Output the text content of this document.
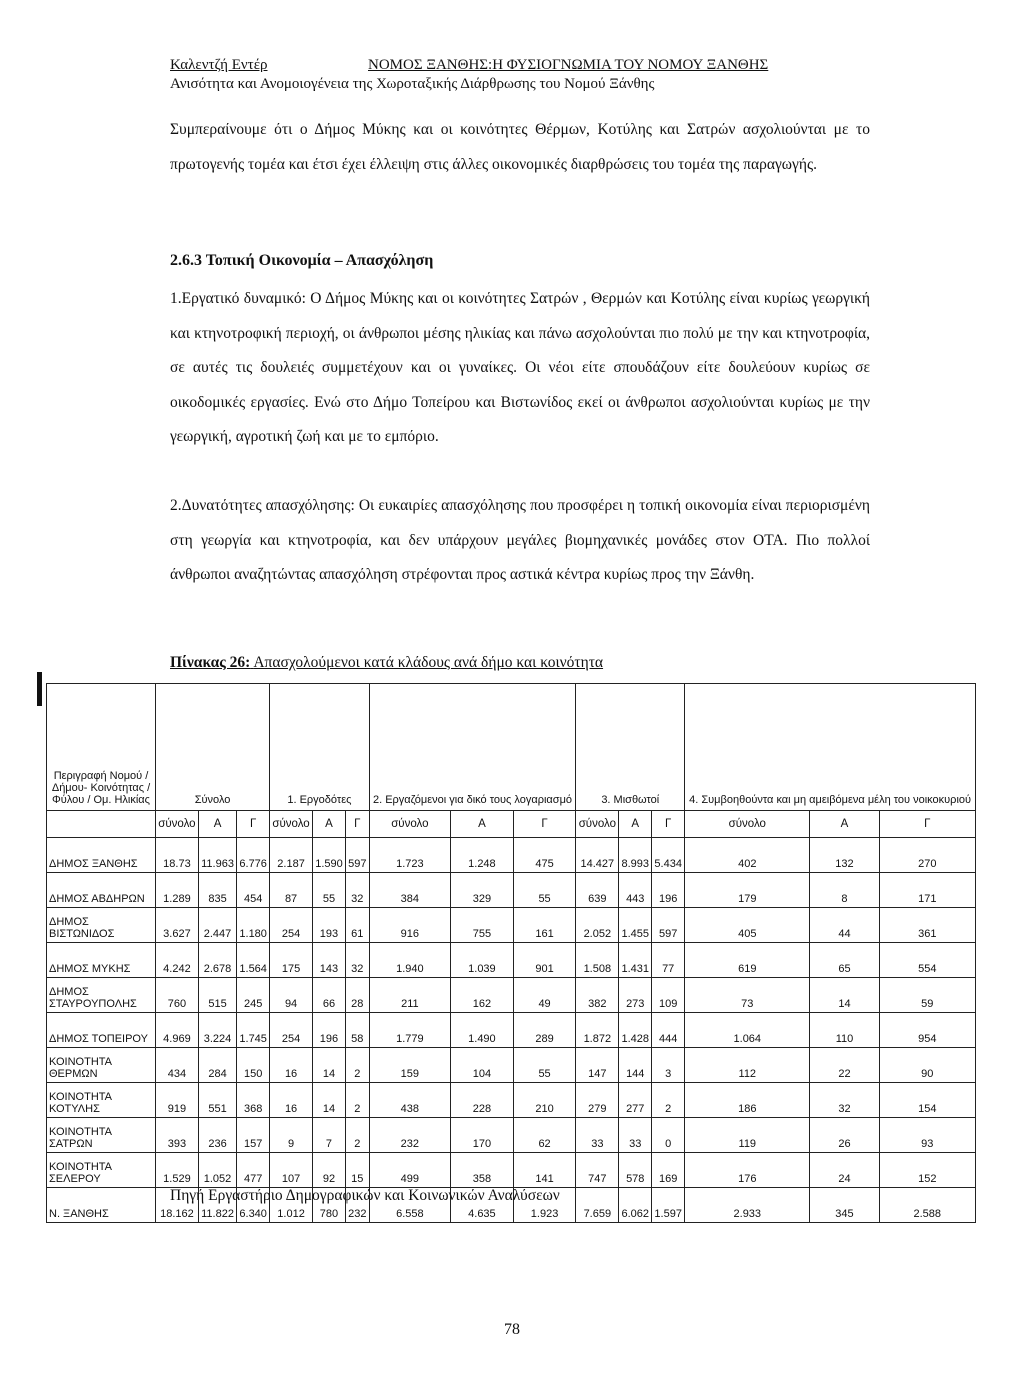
Καλεντζή Εντέρ	ΝΟΜΟΣ ΞΑΝΘΗΣ:Η ΦΥΣΙΟΓΝΩΜΙΑ ΤΟΥ ΝΟΜΟΥ ΞΑΝΘΗΣ
Ανισότητα και Ανομοιογένεια της Χωροταξικής Διάρθρωσης του Νομού Ξάνθης

Συμπεραίνουμε ότι ο Δήμος Μύκης και οι κοινότητες Θέρμων, Κοτύλης και Σατρών ασχολιούνται με το πρωτογενής τομέα και έτσι έχει έλλειψη στις άλλες οικονομικές διαρθρώσεις του τομέα της παραγωγής.

2.6.3 Τοπική Οικονομία – Απασχόληση

1.Εργατικό δυναμικό: Ο Δήμος Μύκης και οι κοινότητες Σατρών , Θερμών και Κοτύλης είναι κυρίως γεωργική και κτηνοτροφική περιοχή, οι άνθρωποι μέσης ηλικίας και πάνω ασχολούνται πιο πολύ με την και κτηνοτροφία, σε αυτές τις δουλειές συμμετέχουν και οι γυναίκες. Οι νέοι είτε σπουδάζουν είτε δουλεύουν κυρίως σε οικοδομικές εργασίες. Ενώ στο Δήμο Τοπείρου και Βιστωνίδος εκεί οι άνθρωποι ασχολιούνται κυρίως με την γεωργική, αγροτική ζωή και με το εμπόριο.

2.Δυνατότητες απασχόλησης: Οι ευκαιρίες απασχόλησης που προσφέρει η τοπική οικονομία είναι περιορισμένη στη γεωργία και κτηνοτροφία, και δεν υπάρχουν μεγάλες βιομηχανικές μονάδες στον ΟΤΑ. Πιο πολλοί άνθρωποι αναζητώντας απασχόληση στρέφονται προς αστικά κέντρα κυρίως προς την Ξάνθη.

Πίνακας 26: Απασχολούμενοι κατά κλάδους ανά δήμο και κοινότητα
Περιγραφή Νομού / Δήμου- Κοινότητας / Φύλου / Ομ. Ηλικίας	Σύνολο			1. Εργοδότες			2. Εργαζόμενοι για δικό τους λογαριασμό			3. Μισθωτοί			4. Συμβοηθούντα και μη αμειβόμενα μέλη του νοικοκυριού		
	σύνολο	Α	Γ	σύνολο	Α	Γ	σύνολο	Α	Γ	σύνολο	Α	Γ	σύνολο	Α	Γ
ΔΗΜΟΣ ΞΑΝΘΗΣ	18.73	11.963	6.776	2.187	1.590	597	1.723	1.248	475	14.427	8.993	5.434	402	132	270
ΔΗΜΟΣ ΑΒΔΗΡΩΝ	1.289	835	454	87	55	32	384	329	55	639	443	196	179	8	171
ΔΗΜΟΣ ΒΙΣΤΩΝΙΔΟΣ	3.627	2.447	1.180	254	193	61	916	755	161	2.052	1.455	597	405	44	361
ΔΗΜΟΣ ΜΥΚΗΣ	4.242	2.678	1.564	175	143	32	1.940	1.039	901	1.508	1.431	77	619	65	554
ΔΗΜΟΣ ΣΤΑΥΡΟΥΠΟΛΗΣ	760	515	245	94	66	28	211	162	49	382	273	109	73	14	59
ΔΗΜΟΣ ΤΟΠΕΙΡΟΥ	4.969	3.224	1.745	254	196	58	1.779	1.490	289	1.872	1.428	444	1.064	110	954
ΚΟΙΝΟΤΗΤΑ ΘΕΡΜΩΝ	434	284	150	16	14	2	159	104	55	147	144	3	112	22	90
ΚΟΙΝΟΤΗΤΑ ΚΟΤΥΛΗΣ	919	551	368	16	14	2	438	228	210	279	277	2	186	32	154
ΚΟΙΝΟΤΗΤΑ ΣΑΤΡΩΝ	393	236	157	9	7	2	232	170	62	33	33	0	119	26	93
ΚΟΙΝΟΤΗΤΑ ΣΕΛΕΡΟΥ	1.529	1.052	477	107	92	15	499	358	141	747	578	169	176	24	152
Ν. ΞΑΝΘΗΣ	18.162	11.822	6.340	1.012	780	232	6.558	4.635	1.923	7.659	6.062	1.597	2.933	345	2.588
Πηγή Εργαστήριο Δημογραφικών και Κοινωνικών Αναλύσεων
78
